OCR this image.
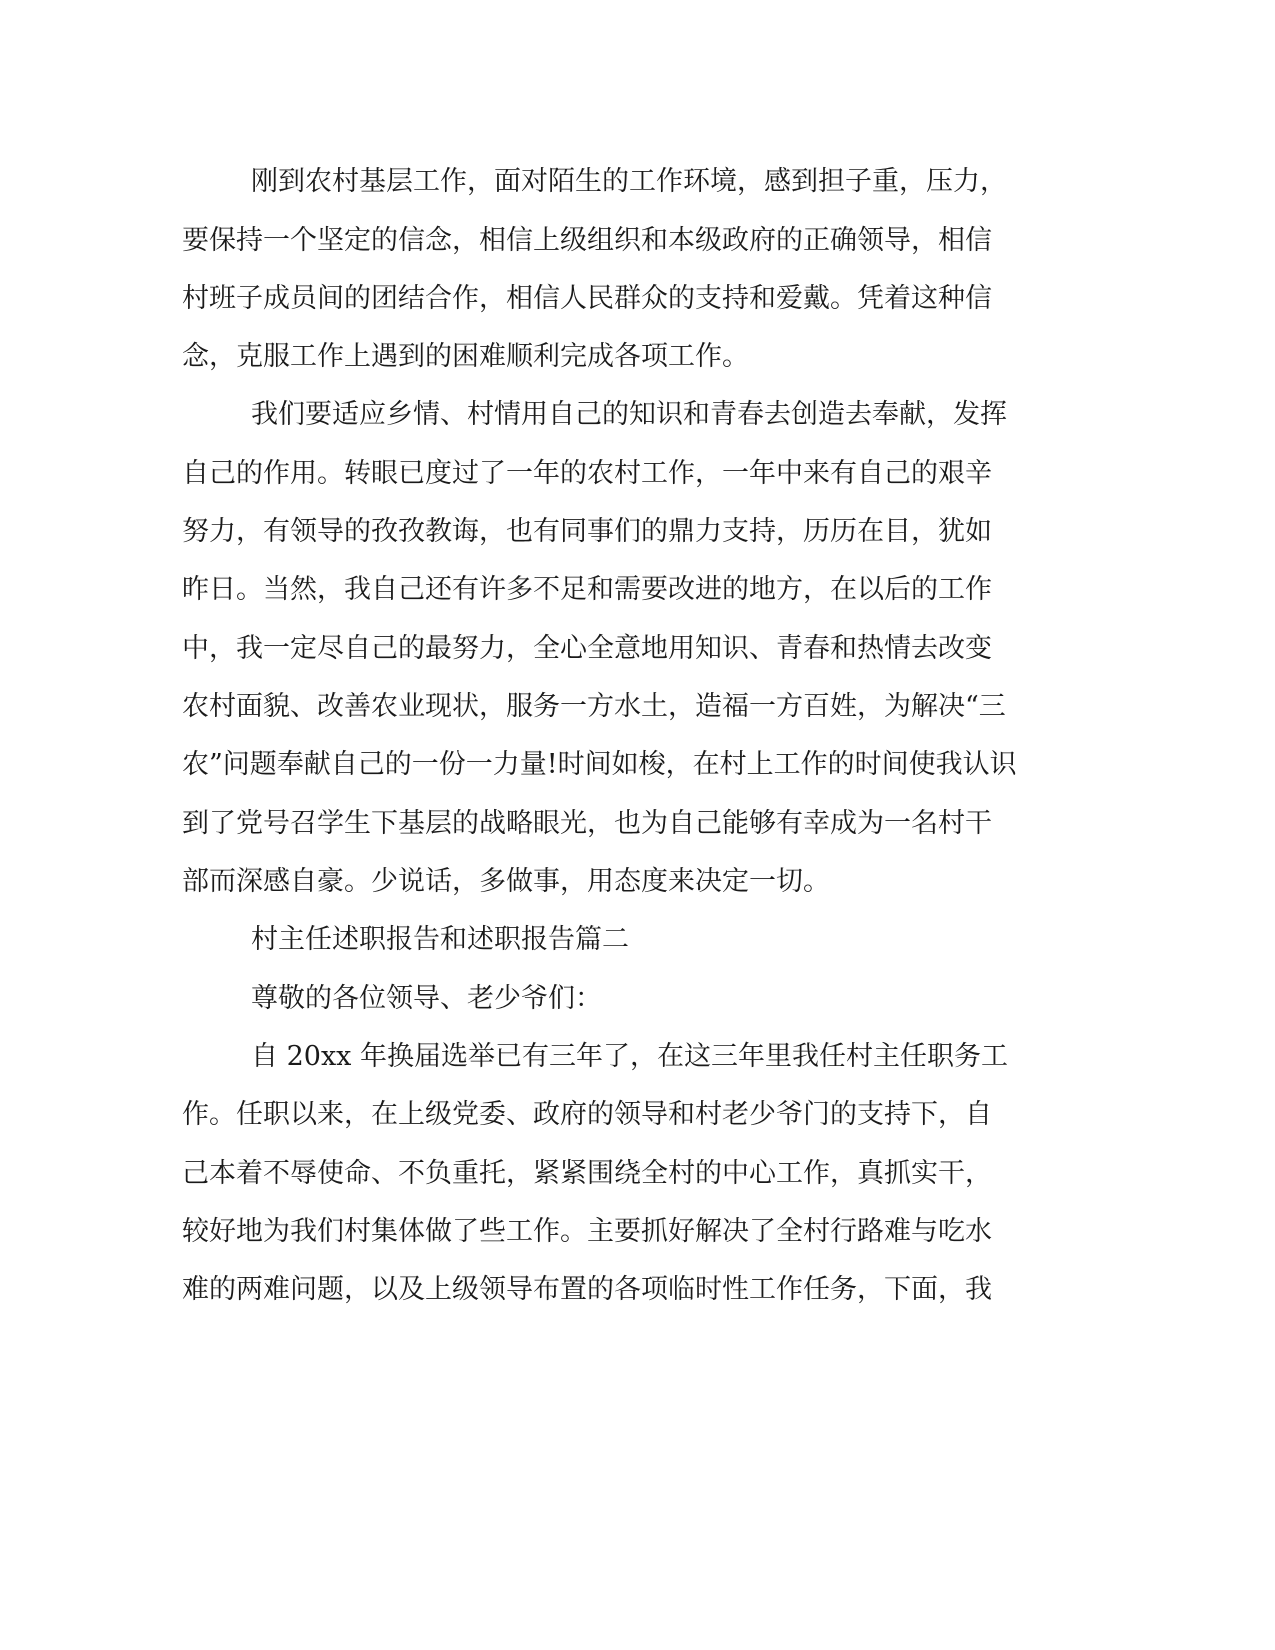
刚到农村基层工作，面对陌生的工作环境，感到担子重，压力，
要保持一个坚定的信念，相信上级组织和本级政府的正确领导，相信
村班子成员间的团结合作，相信人民群众的支持和爱戴。凭着这种信
念，克服工作上遇到的困难顺利完成各项工作。
我们要适应乡情、村情用自己的知识和青春去创造去奉献，发挥
自己的作用。转眼已度过了一年的农村工作，一年中来有自己的艰辛
努力，有领导的孜孜教诲，也有同事们的鼎力支持，历历在目，犹如
昨日。当然，我自己还有许多不足和需要改进的地方，在以后的工作
中，我一定尽自己的最努力，全心全意地用知识、青春和热情去改变
农村面貌、改善农业现状，服务一方水土，造福一方百姓，为解决“三
农”问题奉献自己的一份一力量!时间如梭，在村上工作的时间使我认识
到了党号召学生下基层的战略眼光，也为自己能够有幸成为一名村干
部而深感自豪。少说话，多做事，用态度来决定一切。
村主任述职报告和述职报告篇二
尊敬的各位领导、老少爷们：
自 20xx 年换届选举已有三年了，在这三年里我任村主任职务工
作。任职以来，在上级党委、政府的领导和村老少爷门的支持下，自
己本着不辱使命、不负重托，紧紧围绕全村的中心工作，真抓实干，
较好地为我们村集体做了些工作。主要抓好解决了全村行路难与吃水
难的两难问题，以及上级领导布置的各项临时性工作任务，下面，我
